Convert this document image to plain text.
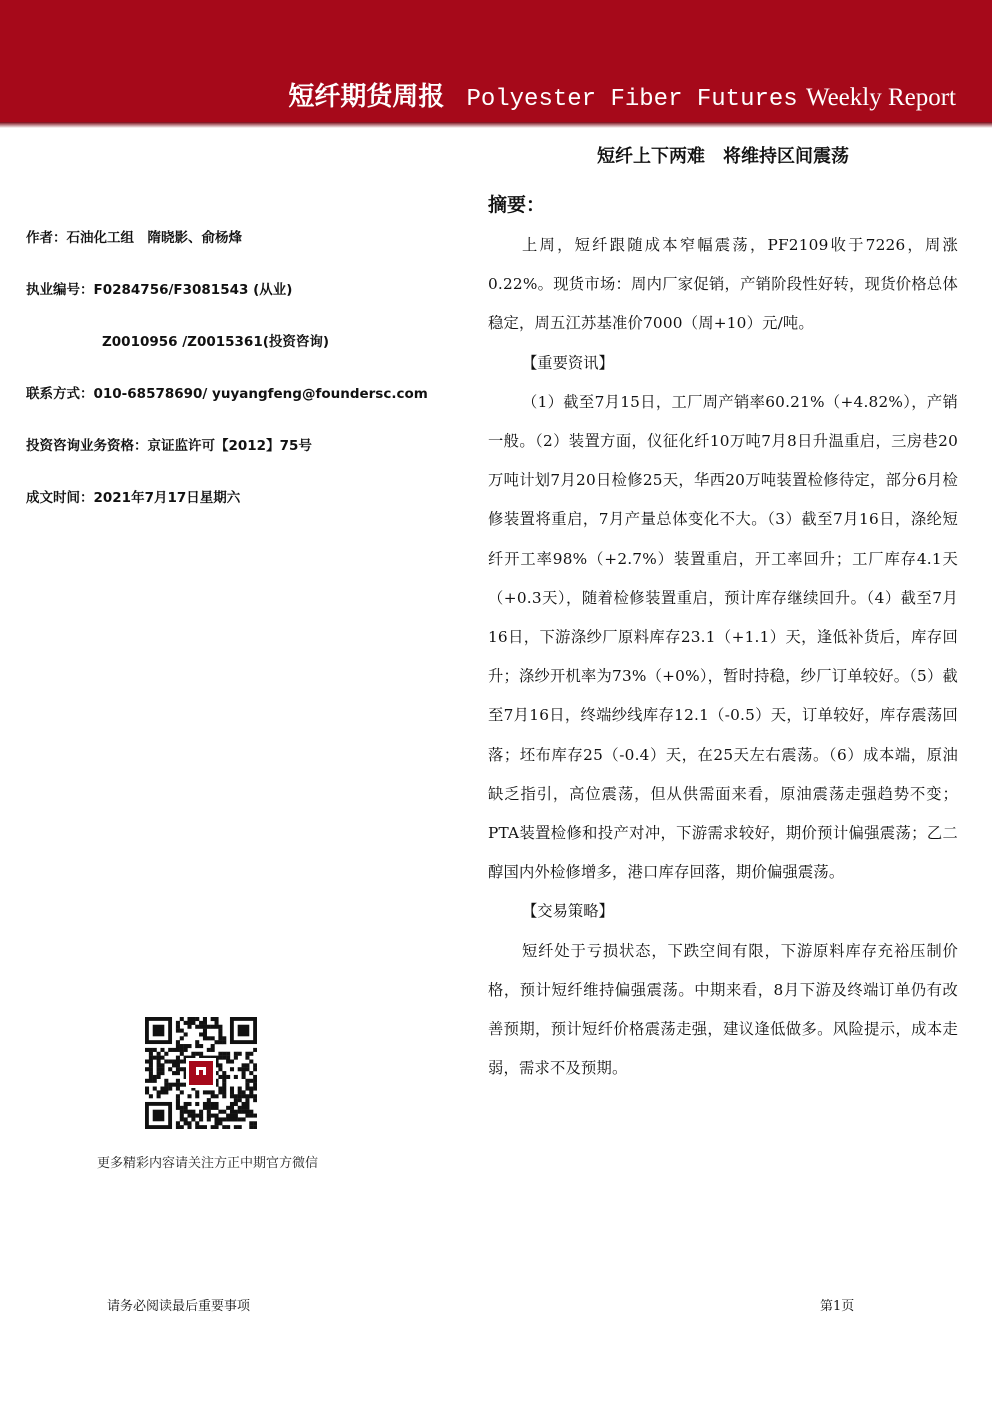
短纤期货周报 Polyester Fiber Futures Weekly Report
作者：石油化工组　隋晓影、俞杨烽
执业编号：F0284756/F3081543 (从业)
Z0010956 /Z0015361(投资咨询)
联系方式：010-68578690/ yuyangfeng@foundersc.com
投资咨询业务资格：京证监许可【2012】75号
成文时间：2021年7月17日星期六
更多精彩内容请关注方正中期官方微信
短纤上下两难　将维持区间震荡
摘要：

上周，短纤跟随成本窄幅震荡，PF2109收于7226，周涨0.22%。现货市场：周内厂家促销，产销阶段性好转，现货价格总体稳定，周五江苏基准价7000（周+10）元/吨。

【重要资讯】

（1）截至7月15日，工厂周产销率60.21%（+4.82%），产销一般。（2）装置方面，仪征化纤10万吨7月8日升温重启，三房巷20万吨计划7月20日检修25天，华西20万吨装置检修待定，部分6月检修装置将重启，7月产量总体变化不大。（3）截至7月16日，涤纶短纤开工率98%（+2.7%）装置重启，开工率回升；工厂库存4.1天（+0.3天），随着检修装置重启，预计库存继续回升。（4）截至7月16日，下游涤纱厂原料库存23.1（+1.1）天，逢低补货后，库存回升；涤纱开机率为73%（+0%），暂时持稳，纱厂订单较好。（5）截至7月16日，终端纱线库存12.1（-0.5）天，订单较好，库存震荡回落；坯布库存25（-0.4）天，在25天左右震荡。（6）成本端，原油缺乏指引，高位震荡，但从供需面来看，原油震荡走强趋势不变；PTA装置检修和投产对冲，下游需求较好，期价预计偏强震荡；乙二醇国内外检修增多，港口库存回落，期价偏强震荡。

【交易策略】

短纤处于亏损状态，下跌空间有限，下游原料库存充裕压制价格，预计短纤维持偏强震荡。中期来看，8月下游及终端订单仍有改善预期，预计短纤价格震荡走强，建议逢低做多。风险提示，成本走弱，需求不及预期。

请务必阅读最后重要事项	第1页
